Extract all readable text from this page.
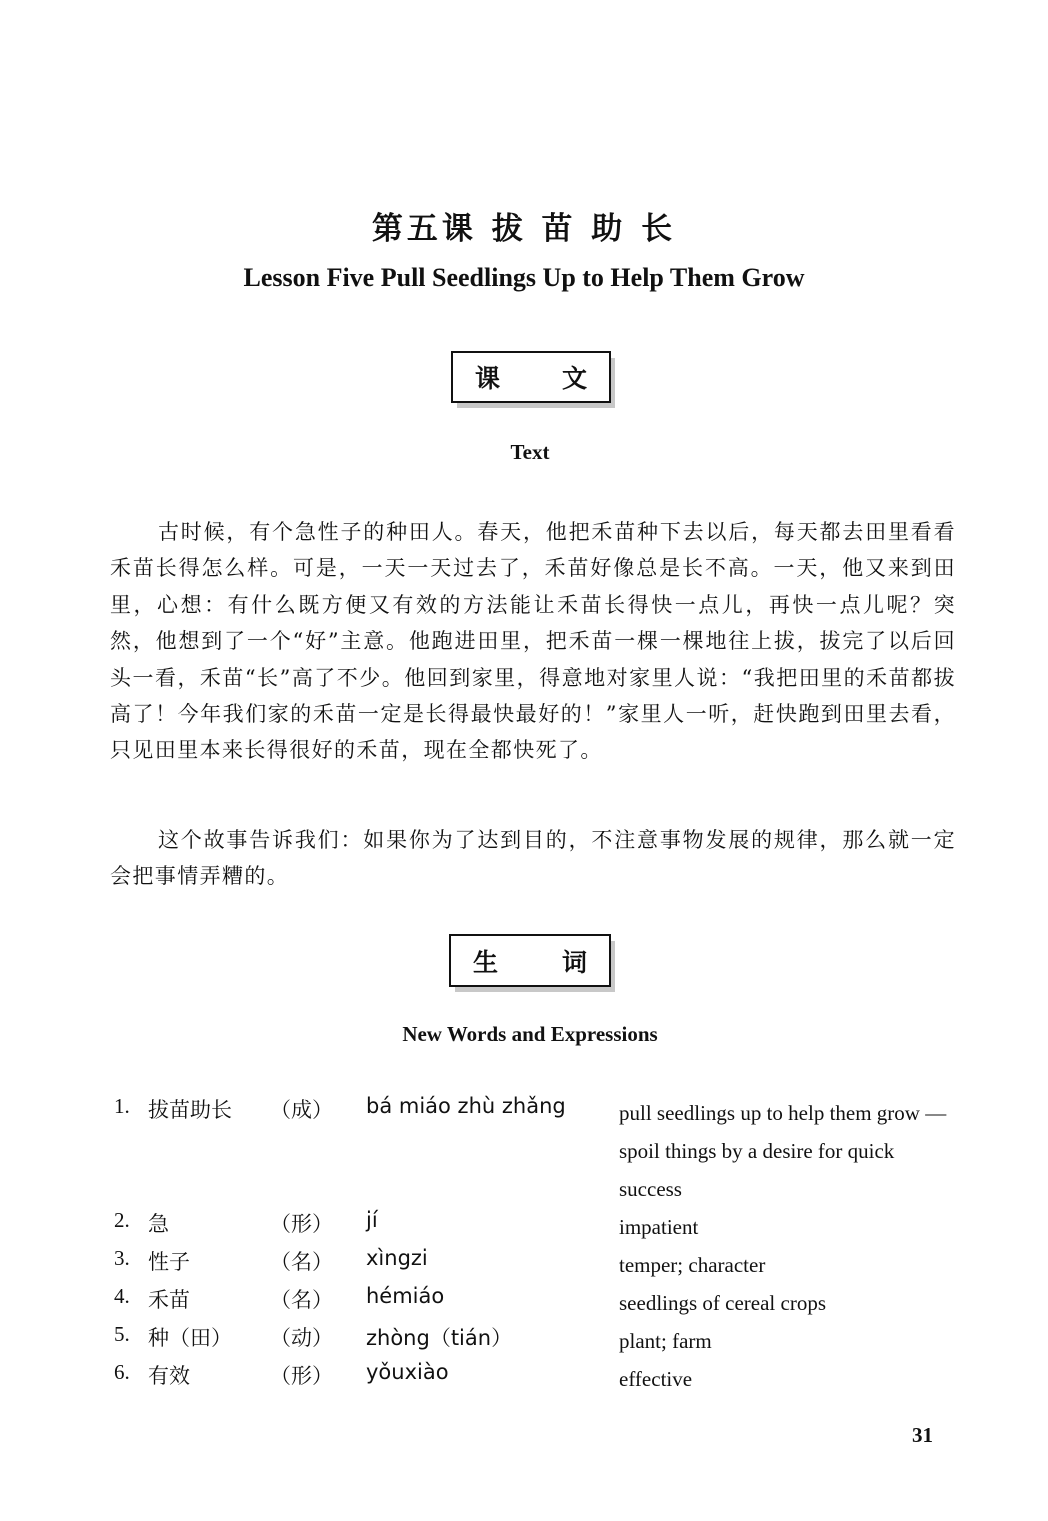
第五课 拔 苗 助 长
Lesson Five Pull Seedlings Up to Help Them Grow
课 文
Text

古时候，有个急性子的种田人。春天，他把禾苗种下去以后，每天都去田里看看禾苗长得怎么样。可是，一天一天过去了，禾苗好像总是长不高。一天，他又来到田里，心想：有什么既方便又有效的方法能让禾苗长得快一点儿，再快一点儿呢？突然，他想到了一个“好”主意。他跑进田里，把禾苗一棵一棵地往上拔，拔完了以后回头一看，禾苗“长”高了不少。他回到家里，得意地对家里人说：“我把田里的禾苗都拔高了！今年我们家的禾苗一定是长得最快最好的！”家里人一听，赶快跑到田里去看，只见田里本来长得很好的禾苗，现在全都快死了。

这个故事告诉我们：如果你为了达到目的，不注意事物发展的规律，那么就一定会把事情弄糟的。

生	词
New Words and Expressions
1. 拔苗助长 （成） bá miáo zhù zhǎng	pull seedlings up to help them grow — spoil things by a desire for quick success
2. 急	（形） jí	impatient
3. 性子	（名） xìngzi	temper; character
4. 禾苗	（名） hémiáo	seedlings of cereal crops
5. 种（田） （动） zhòng（tián）	plant; farm
6. 有效	（形） yǒuxiào	effective
31
